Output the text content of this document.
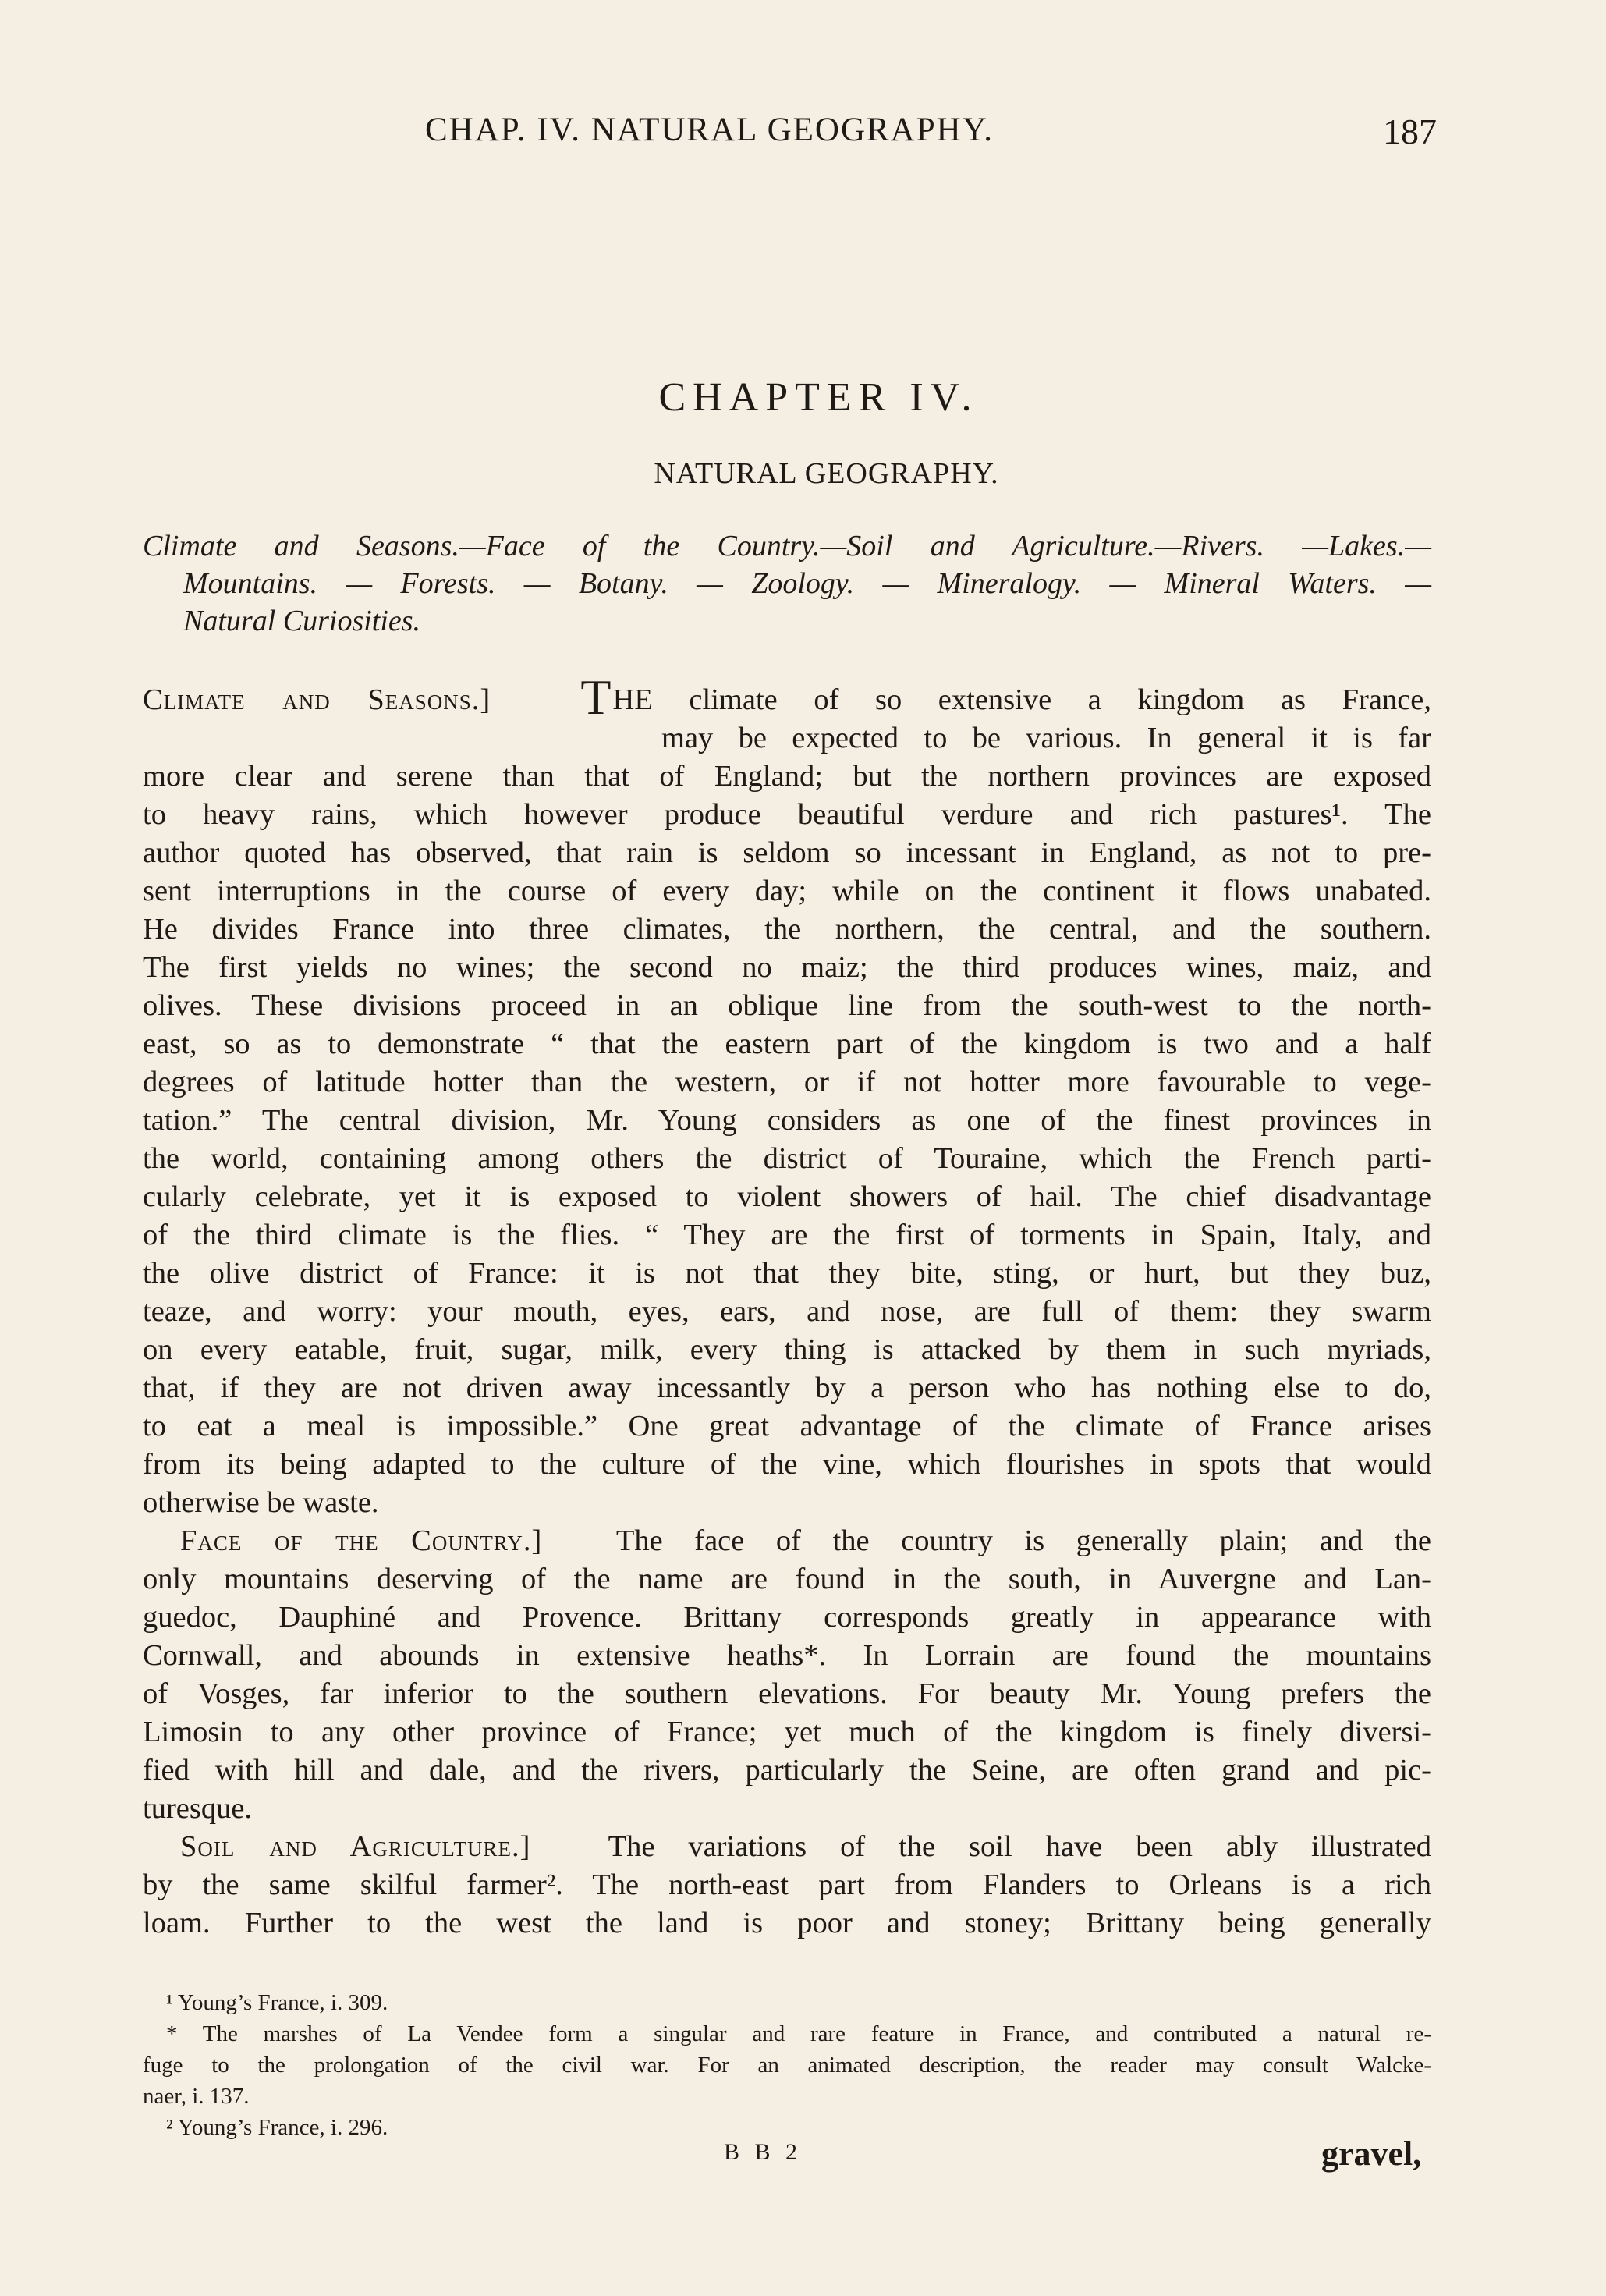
CHAP. IV. NATURAL GEOGRAPHY.	187
CHAPTER IV.
NATURAL GEOGRAPHY.
Climate and Seasons.—Face of the Country.—Soil and Agriculture.—Rivers. —Lakes.—
Mountains. — Forests. — Botany. — Zoology. — Mineralogy. — Mineral Waters. —
Natural Curiosities.
Climate and Seasons.] THE climate of so extensive a kingdom as France,
may be expected to be various. In general it is far
more clear and serene than that of England; but the northern provinces are exposed
to heavy rains, which however produce beautiful verdure and rich pastures¹. The
author quoted has observed, that rain is seldom so incessant in England, as not to pre-
sent interruptions in the course of every day; while on the continent it flows unabated.
He divides France into three climates, the northern, the central, and the southern.
The first yields no wines; the second no maiz; the third produces wines, maiz, and
olives. These divisions proceed in an oblique line from the south-west to the north-
east, so as to demonstrate “ that the eastern part of the kingdom is two and a half
degrees of latitude hotter than the western, or if not hotter more favourable to vege-
tation.” The central division, Mr. Young considers as one of the finest provinces in
the world, containing among others the district of Touraine, which the French parti-
cularly celebrate, yet it is exposed to violent showers of hail. The chief disadvantage
of the third climate is the flies. “ They are the first of torments in Spain, Italy, and
the olive district of France: it is not that they bite, sting, or hurt, but they buz,
teaze, and worry: your mouth, eyes, ears, and nose, are full of them: they swarm
on every eatable, fruit, sugar, milk, every thing is attacked by them in such myriads,
that, if they are not driven away incessantly by a person who has nothing else to do,
to eat a meal is impossible.” One great advantage of the climate of France arises
from its being adapted to the culture of the vine, which flourishes in spots that would
otherwise be waste.
Face of the Country.] The face of the country is generally plain; and the
only mountains deserving of the name are found in the south, in Auvergne and Lan-
guedoc, Dauphiné and Provence. Brittany corresponds greatly in appearance with
Cornwall, and abounds in extensive heaths*. In Lorrain are found the mountains
of Vosges, far inferior to the southern elevations. For beauty Mr. Young prefers the
Limosin to any other province of France; yet much of the kingdom is finely diversi-
fied with hill and dale, and the rivers, particularly the Seine, are often grand and pic-
turesque.
Soil and Agriculture.]	The variations of the soil have been ably illustrated
by the same skilful farmer². The north-east part from Flanders to Orleans is a rich
loam. Further to the west the land is poor and stoney; Brittany being generally
¹ Young’s France, i. 309.
* The marshes of La Vendee form a singular and rare feature in France, and contributed a natural re-
fuge to the prolongation of the civil war. For an animated description, the reader may consult Walcke-
naer, i. 137.
² Young’s France, i. 296.
B B 2	gravel,
